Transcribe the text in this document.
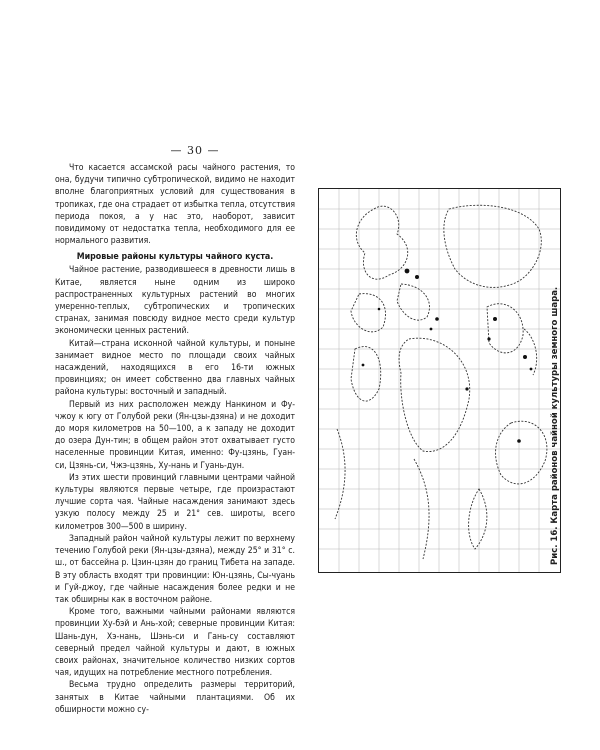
— 30 —

Что касается ассамской расы чайного растения, то она, будучи типично субтропической, видимо не находит вполне благоприятных условий для существования в тропиках, где она страдает от избытка тепла, отсутствия периода покоя, а у нас это, наоборот, зависит повидимому от недостатка тепла, необходимого для ее нормального развития.

Мировые районы культуры чайного куста.

Чайное растение, разводившееся в древности лишь в Китае, является ныне одним из широко распространенных культурных растений во многих умеренно-теплых, субтропических и тропических странах, занимая повсюду видное место среди культур экономически ценных растений.

Китай—страна исконной чайной культуры, и поныне занимает видное место по площади своих чайных насаждений, находящихся в его 16-ти южных провинциях; он имеет собственно два главных чайных района культуры: восточный и западный.

Первый из них расположен между Нанкином и Фу-чжоу к югу от Голубой реки (Ян-цзы-дзяна) и не доходит до моря километров на 50—100, а к западу не доходит до озера Дун-тин; в общем район этот охватывает густо населенные провинции Китая, именно: Фу-цзянь, Гуан-си, Цзянь-си, Чжэ-цзянь, Ху-нань и Гуань-дун.

Из этих шести провинций главными центрами чайной культуры являются первые четыре, где произрастают лучшие сорта чая. Чайные насаждения занимают здесь узкую полосу между 25 и 21° сев. широты, всего километров 300—500 в ширину.

Западный район чайной культуры лежит по верхнему течению Голубой реки (Ян-цзы-дзяна), между 25° и 31° с. ш., от бассейна р. Цзин-цзян до границ Тибета на западе. В эту область входят три провинции: Юн-цзянь, Сы-чуань и Гуй-джоу, где чайные насаждения более редки и не так обширны как в восточном районе.

Кроме того, важными чайными районами являются провинции Ху-бэй и Ань-хой; северные провинции Китая: Шань-дун, Хэ-нань, Шэнь-си и Гань-су составляют северный предел чайной культуры и дают, в южных своих районах, значительное количество низких сортов чая, идущих на потребление местного потребления.

Весьма трудно определить размеры территорий, занятых в Китае чайными плантациями. Об их обширности можно су-

Рис. 16. Карта районов чайной культуры земного шара.
